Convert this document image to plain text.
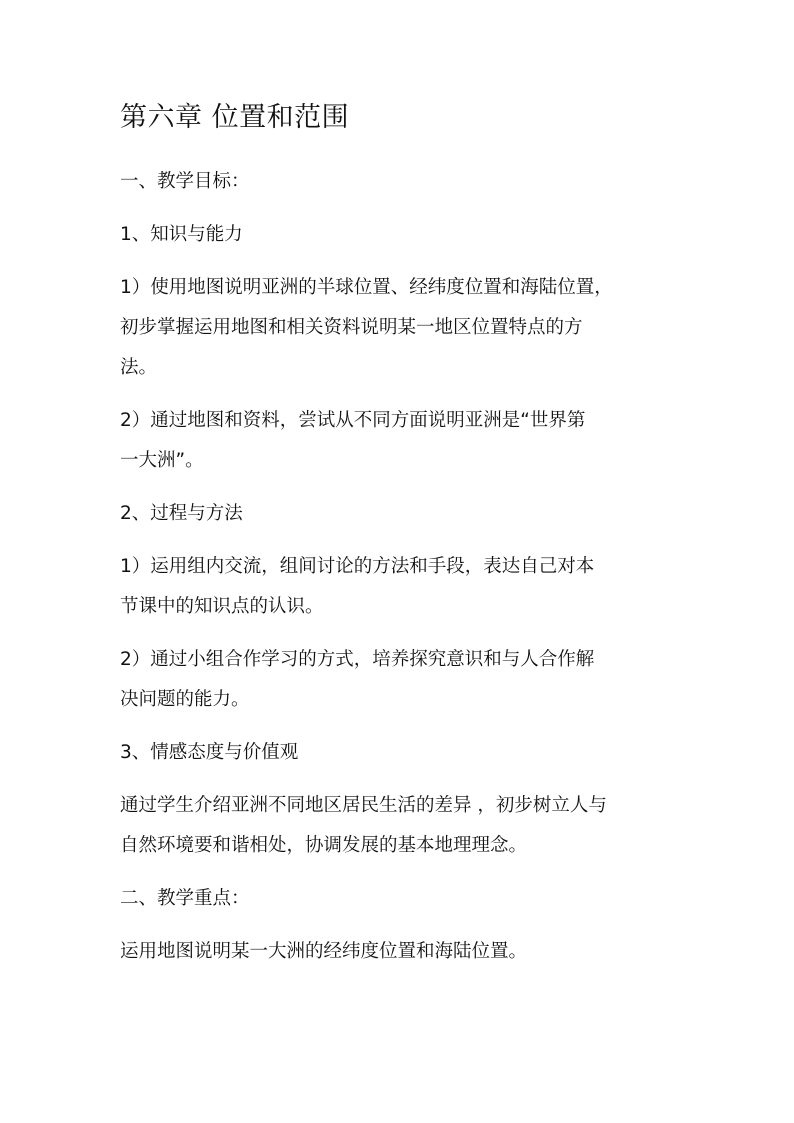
第六章 位置和范围
一、教学目标：
1、知识与能力
1）使用地图说明亚洲的半球位置、经纬度位置和海陆位置，
初步掌握运用地图和相关资料说明某一地区位置特点的方
法。
2）通过地图和资料，尝试从不同方面说明亚洲是“世界第
一大洲”。
2、过程与方法
1）运用组内交流，组间讨论的方法和手段，表达自己对本
节课中的知识点的认识。
2）通过小组合作学习的方式，培养探究意识和与人合作解
决问题的能力。
3、情感态度与价值观
通过学生介绍亚洲不同地区居民生活的差异 ，初步树立人与
自然环境要和谐相处，协调发展的基本地理理念。
二、教学重点：
运用地图说明某一大洲的经纬度位置和海陆位置。
